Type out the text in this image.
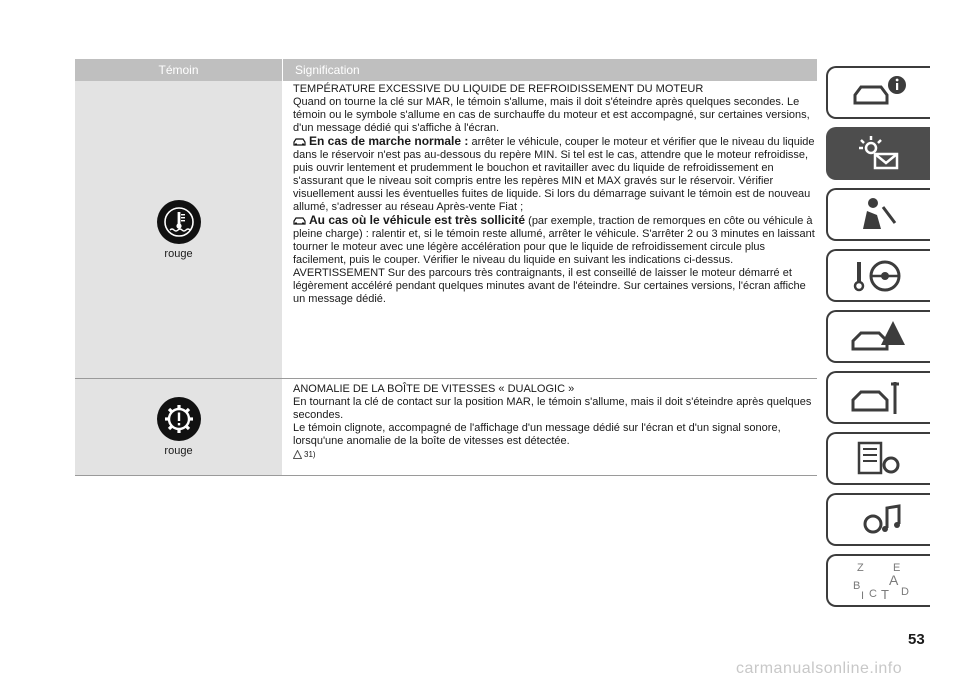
Témoin	Signification
rouge
TEMPÉRATURE EXCESSIVE DU LIQUIDE DE REFROIDISSEMENT DU MOTEUR
Quand on tourne la clé sur MAR, le témoin s'allume, mais il doit s'éteindre après quelques secondes. Le témoin ou le symbole s'allume en cas de surchauffe du moteur et est accompagné, sur certaines versions, d'un message dédié qui s'affiche à l'écran.
En cas de marche normale : arrêter le véhicule, couper le moteur et vérifier que le niveau du liquide dans le réservoir n'est pas au-dessous du repère MIN. Si tel est le cas, attendre que le moteur refroidisse, puis ouvrir lentement et prudemment le bouchon et ravitailler avec du liquide de refroidissement en s'assurant que le niveau soit compris entre les repères MIN et MAX gravés sur le réservoir. Vérifier visuellement aussi les éventuelles fuites de liquide. Si lors du démarrage suivant le témoin est de nouveau allumé, s'adresser au réseau Après-vente Fiat ;
Au cas où le véhicule est très sollicité (par exemple, traction de remorques en côte ou véhicule à pleine charge) : ralentir et, si le témoin reste allumé, arrêter le véhicule. S'arrêter 2 ou 3 minutes en laissant tourner le moteur avec une légère accélération pour que le liquide de refroidissement circule plus facilement, puis le couper. Vérifier le niveau du liquide en suivant les indications ci-dessus.
AVERTISSEMENT Sur des parcours très contraignants, il est conseillé de laisser le moteur démarré et légèrement accéléré pendant quelques minutes avant de l'éteindre. Sur certaines versions, l'écran affiche un message dédié.
rouge
ANOMALIE DE LA BOÎTE DE VITESSES « DUALOGIC »
En tournant la clé de contact sur la position MAR, le témoin s'allume, mais il doit s'éteindre après quelques secondes.
Le témoin clignote, accompagné de l'affichage d'un message dédié sur l'écran et d'un signal sonore, lorsqu'une anomalie de la boîte de vitesses est détectée.
31)
Z	E
A
B
C T D
I
53
carmanualsonline.info
